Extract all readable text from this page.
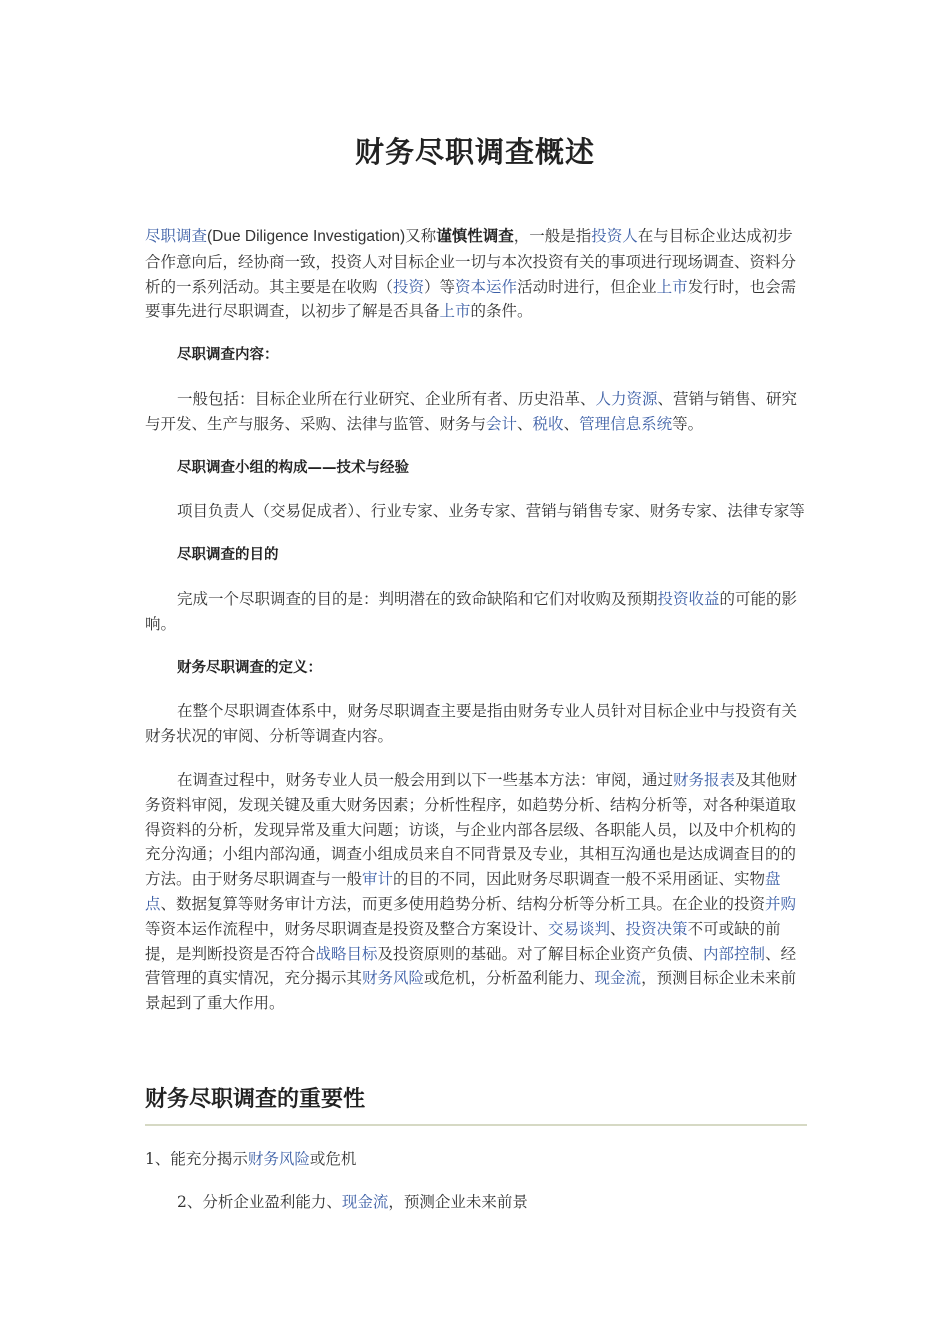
财务尽职调查概述

尽职调查(Due Diligence Investigation)又称谨慎性调查，一般是指投资人在与目标企业达成初步合作意向后，经协商一致，投资人对目标企业一切与本次投资有关的事项进行现场调查、资料分析的一系列活动。其主要是在收购（投资）等资本运作活动时进行，但企业上市发行时，也会需要事先进行尽职调查，以初步了解是否具备上市的条件。

尽职调查内容：

一般包括：目标企业所在行业研究、企业所有者、历史沿革、人力资源、营销与销售、研究与开发、生产与服务、采购、法律与监管、财务与会计、税收、管理信息系统等。

尽职调查小组的构成——技术与经验

项目负责人（交易促成者）、行业专家、业务专家、营销与销售专家、财务专家、法律专家等

尽职调查的目的

完成一个尽职调查的目的是：判明潜在的致命缺陷和它们对收购及预期投资收益的可能的影响。

财务尽职调查的定义：

在整个尽职调查体系中，财务尽职调查主要是指由财务专业人员针对目标企业中与投资有关财务状况的审阅、分析等调查内容。

在调查过程中，财务专业人员一般会用到以下一些基本方法：审阅，通过财务报表及其他财务资料审阅，发现关键及重大财务因素；分析性程序，如趋势分析、结构分析等，对各种渠道取得资料的分析，发现异常及重大问题；访谈，与企业内部各层级、各职能人员，以及中介机构的充分沟通；小组内部沟通，调查小组成员来自不同背景及专业，其相互沟通也是达成调查目的的方法。由于财务尽职调查与一般审计的目的不同，因此财务尽职调查一般不采用函证、实物盘点、数据复算等财务审计方法，而更多使用趋势分析、结构分析等分析工具。在企业的投资并购等资本运作流程中，财务尽职调查是投资及整合方案设计、交易谈判、投资决策不可或缺的前提，是判断投资是否符合战略目标及投资原则的基础。对了解目标企业资产负债、内部控制、经营管理的真实情况，充分揭示其财务风险或危机，分析盈利能力、现金流，预测目标企业未来前景起到了重大作用。

财务尽职调查的重要性

1、能充分揭示财务风险或危机

2、分析企业盈利能力、现金流，预测企业未来前景
